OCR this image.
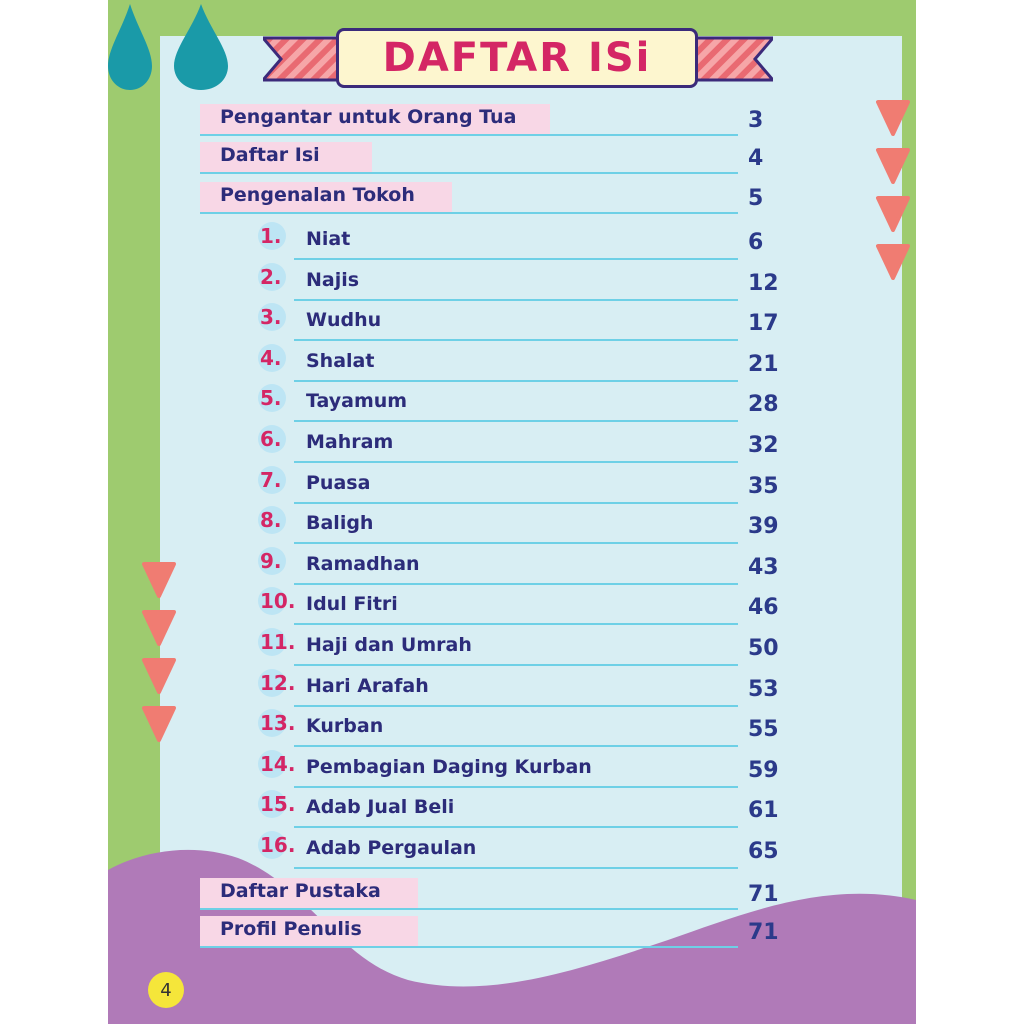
DAFTAR ISi
Pengantar untuk Orang Tua	3
Daftar Isi	4
Pengenalan Tokoh	5
1. Niat	6
2. Najis	12
3. Wudhu	17
4. Shalat	21
5. Tayamum	28
6. Mahram	32
7. Puasa	35
8. Baligh	39
9. Ramadhan	43
10. Idul Fitri	46
11. Haji dan Umrah	50
12. Hari Arafah	53
13. Kurban	55
14. Pembagian Daging Kurban	59
15. Adab Jual Beli	61
16. Adab Pergaulan	65
Daftar Pustaka	71
Profil Penulis	71
4
